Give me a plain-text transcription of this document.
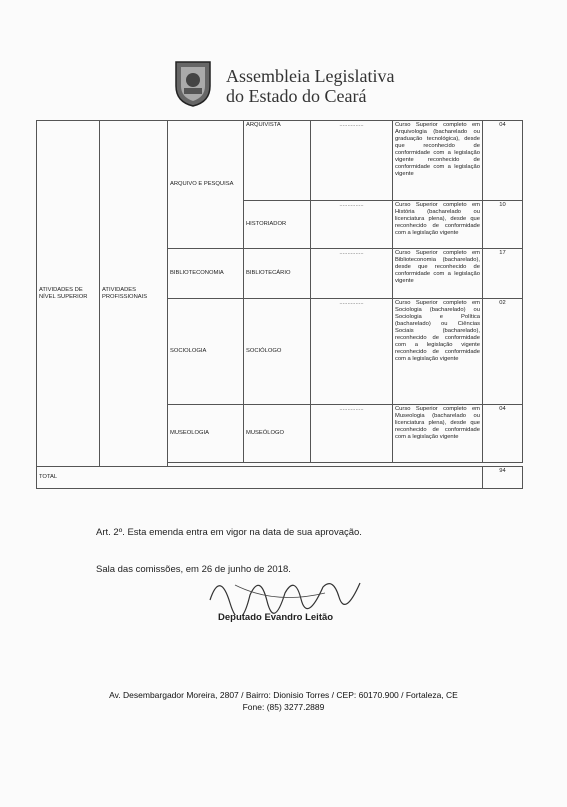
Assembleia Legislativa
do Estado do Ceará
ATIVIDADES DE NÍVEL SUPERIOR	ATIVIDADES PROFISSIONAIS	ARQUIVO E PESQUISA	ARQUIVISTA	...............	Curso Superior completo em Arquivologia (bacharelado ou graduação tecnológica), desde que reconhecido de conformidade com a legislação vigente reconhecido de conformidade com a legislação vigente	04
			HISTORIADOR	...............	Curso Superior completo em História (bacharelado ou licenciatura plena), desde que reconhecido de conformidade com a legislação vigente	10
		BIBLIOTECONOMIA	BIBLIOTECÁRIO	...............	Curso Superior completo em Biblioteconomia (bacharelado), desde que reconhecido de conformidade com a legislação vigente	17
		SOCIOLOGIA	SOCIÓLOGO	...............	Curso Superior completo em Sociologia (bacharelado) ou Sociologia e Política (bacharelado) ou Ciências Sociais (bacharelado), reconhecido de conformidade com a legislação vigente reconhecido de conformidade com a legislação vigente	02
		MUSEOLOGIA	MUSEÓLOGO	...............	Curso Superior completo em Museologia (bacharelado ou licenciatura plena), desde que reconhecido de conformidade com a legislação vigente	04

TOTAL						94
Art. 2º. Esta emenda entra em vigor na data de sua aprovação.
Sala das comissões, em 26 de junho de 2018.
Deputado Evandro Leitão
Av. Desembargador Moreira, 2807 / Bairro: Dionisio Torres / CEP: 60170.900 / Fortaleza, CE
Fone: (85) 3277.2889
